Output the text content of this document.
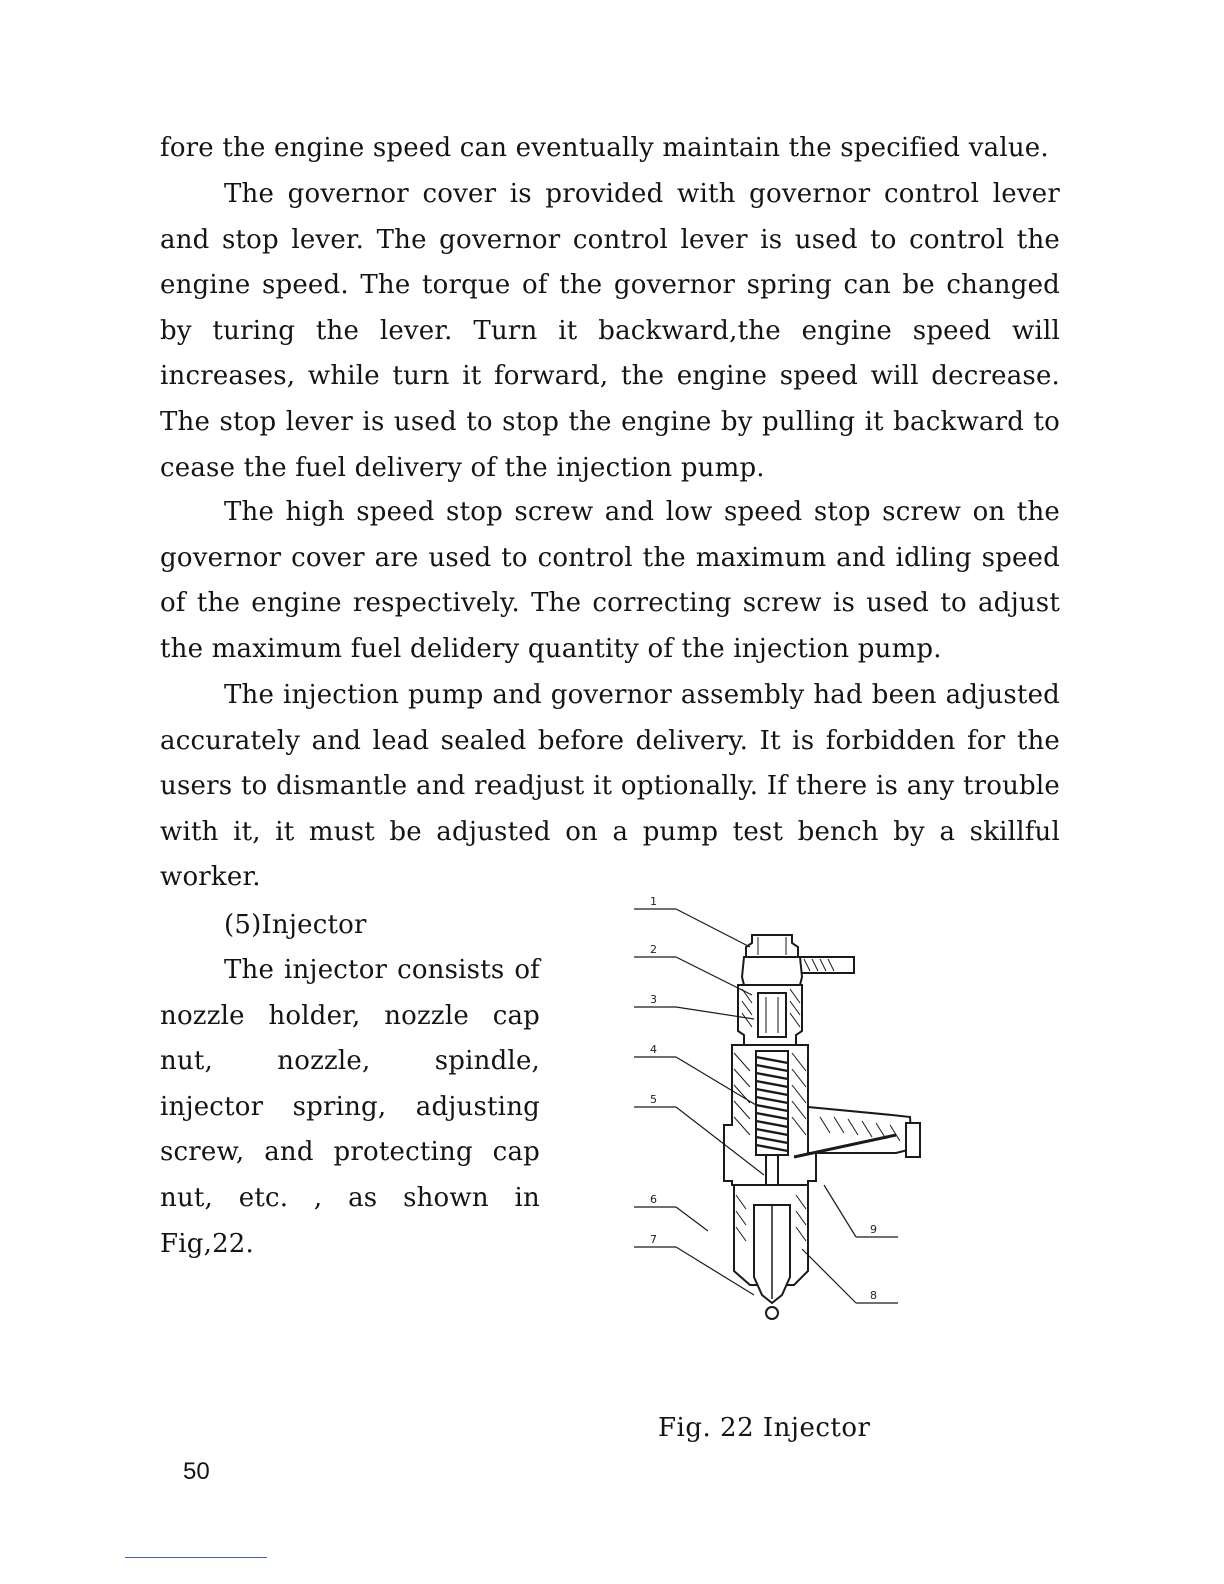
fore the engine speed can eventually maintain the specified value.

The governor cover is provided with governor control lever and stop lever. The governor control lever is used to control the engine speed. The torque of the governor spring can be changed by turing the lever. Turn it backward,the engine speed will increases, while turn it forward, the engine speed will decrease. The stop lever is used to stop the engine by pulling it backward to cease the fuel delivery of the injection pump.

The high speed stop screw and low speed stop screw on the governor cover are used to control the maximum and idling speed of the engine respectively. The correcting screw is used to adjust the maximum fuel delidery quantity of the injection pump.

The injection pump and governor assembly had been adjusted accurately and lead sealed before delivery. It is forbidden for the users to dismantle and readjust it optionally. If there is any trouble with it, it must be adjusted on a pump test bench by a skillful worker.

(5)Injector

The injector consists of nozzle holder, nozzle cap nut, nozzle, spindle, injector spring, adjusting screw, and protecting cap nut, etc. , as shown in Fig,22.

1
2
3
4
5
6
7
8
9
Fig. 22 Injector
50
